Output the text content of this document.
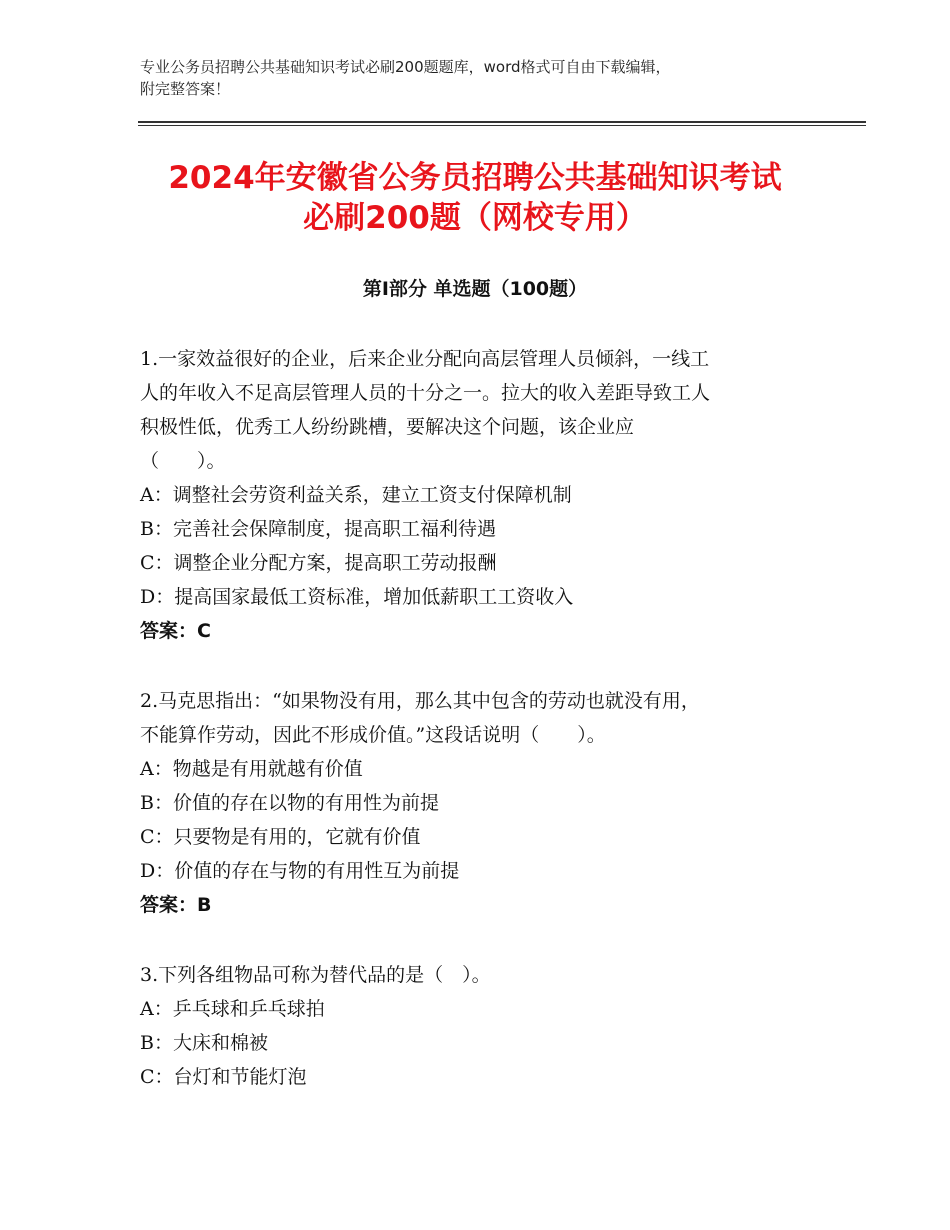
专业公务员招聘公共基础知识考试必刷200题题库，word格式可自由下载编辑，
附完整答案！
2024年安徽省公务员招聘公共基础知识考试
必刷200题（网校专用）
第Ⅰ部分 单选题（100题）
1.一家效益很好的企业，后来企业分配向高层管理人员倾斜，一线工
人的年收入不足高层管理人员的十分之一。拉大的收入差距导致工人
积极性低，优秀工人纷纷跳槽，要解决这个问题，该企业应
（　　）。
A：调整社会劳资利益关系，建立工资支付保障机制
B：完善社会保障制度，提高职工福利待遇
C：调整企业分配方案，提高职工劳动报酬
D：提高国家最低工资标准，增加低薪职工工资收入
答案：C
2.马克思指出：“如果物没有用，那么其中包含的劳动也就没有用，
不能算作劳动，因此不形成价值。”这段话说明（　　）。
A：物越是有用就越有价值
B：价值的存在以物的有用性为前提
C：只要物是有用的，它就有价值
D：价值的存在与物的有用性互为前提
答案：B
3.下列各组物品可称为替代品的是（　）。
A：乒乓球和乒乓球拍
B：大床和棉被
C：台灯和节能灯泡
